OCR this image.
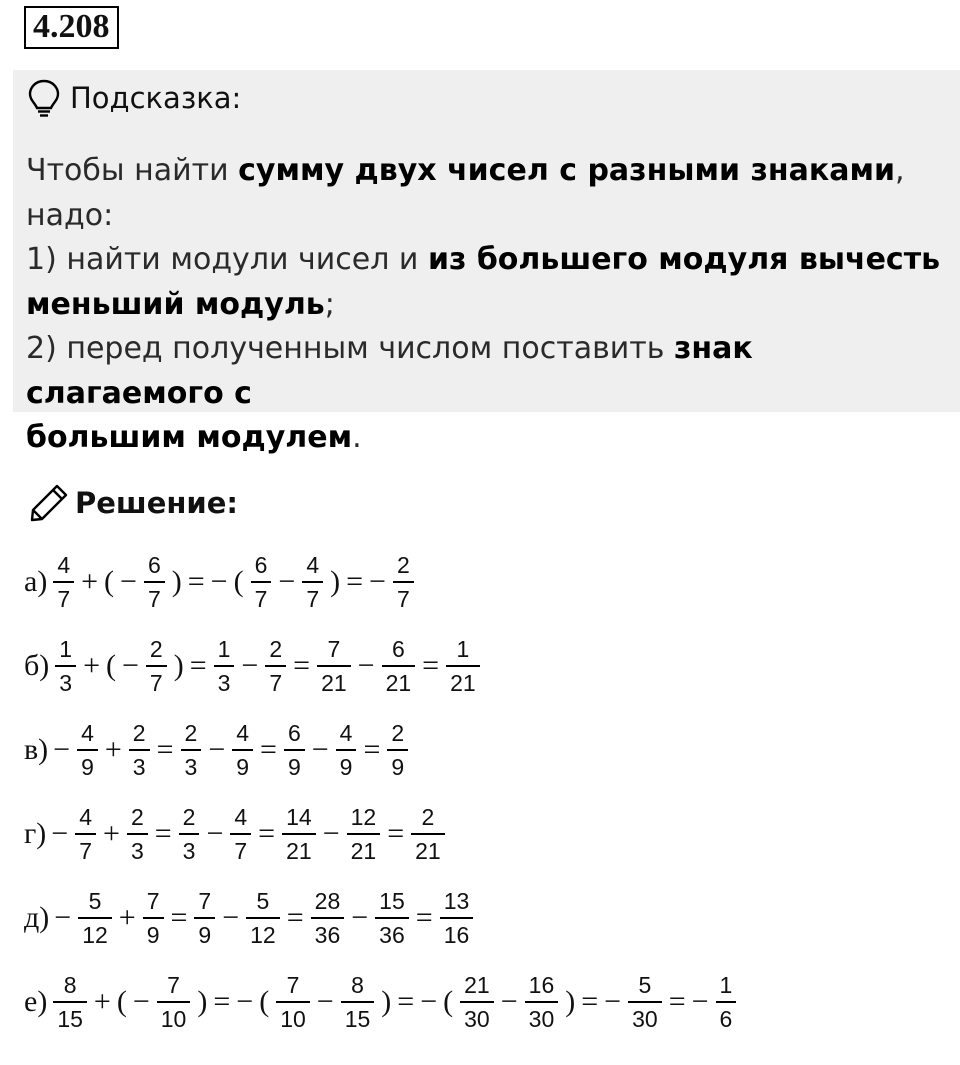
4.208
Подсказка:
Чтобы найти сумму двух чисел с разными знаками, надо:
1) найти модули чисел и из большего модуля вычесть
меньший модуль;
2) перед полученным числом поставить знак слагаемого с
большим модулем.
Решение:
$а) \frac{4}{7}$ + ( − $\frac{6}{7}$ ) = − ( $\frac{6}{7} - \frac{4}{7}$ ) = − $\frac{2}{7}$
$б) \frac{1}{3}$ + ( − $\frac{2}{7}$ ) = $\frac{1}{3} - \frac{2}{7} = \frac{7}{21} - \frac{6}{21} = \frac{1}{21}$
$в) - \frac{4}{9} + \frac{2}{3} = \frac{2}{3} - \frac{4}{9} = \frac{6}{9} - \frac{4}{9} = \frac{2}{9}$
$г) - \frac{4}{7} + \frac{2}{3} = \frac{2}{3} - \frac{4}{7} = \frac{14}{21} - \frac{12}{21} = \frac{2}{21}$
$д) - \frac{5}{12} + \frac{7}{9} = \frac{7}{9} - \frac{5}{12} = \frac{28}{36} - \frac{15}{36} = \frac{13}{16}$
$е) \frac{8}{15}$ + ( − $\frac{7}{10}$ ) = − ( $\frac{7}{10} - \frac{8}{15}$ ) = − ( $\frac{21}{30} - \frac{16}{30}$ ) = − $\frac{5}{30}$ = − $\frac{1}{6}$
